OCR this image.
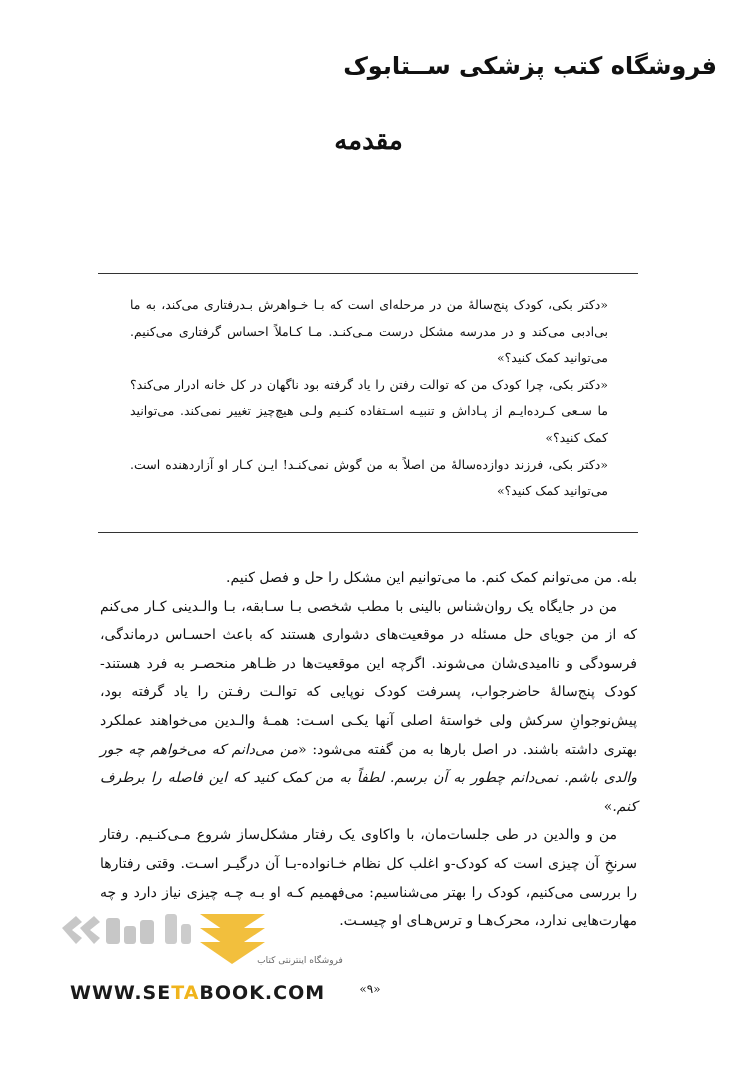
فروشگاه کتب پزشکی ســتابوک
مقدمه

«دکتر بکی، کودک پنج‌سالهٔ من در مرحله‌ای است که بـا خـواهرش بـدرفتاری می‌کند، به ما بی‌ادبی می‌کند و در مدرسه مشکل درست مـی‌کنـد. مـا کـاملاً احساس گرفتاری می‌کنیم. می‌توانید کمک کنید؟»

«دکتر بکی، چرا کودک من که توالت رفتن را یاد گرفته بود ناگهان در کل خانه ادرار می‌کند؟ ما سـعی کـرده‌ایـم از پـاداش و تنبیـه اسـتفاده کنـیم ولـی هیچ‌چیز تغییر نمی‌کند. می‌توانید کمک کنید؟»

«دکتر بکی، فرزند دوازده‌سالهٔ من اصلاً به من گوش نمی‌کنـد! ایـن کـار او آزاردهنده است. می‌توانید کمک کنید؟»

بله. من می‌توانم کمک کنم. ما می‌توانیم این مشکل را حل و فصل کنیم.

من در جایگاه یک روان‌شناس بالینی با مطب شخصی بـا سـابقه، بـا والـدینی کـار می‌کنم که از من جویای حل مسئله در موقعیت‌های دشواری هستند که باعث احسـاس درماندگی، فرسودگی و ناامیدی‌شان می‌شوند. اگرچه این موقعیت‌ها در ظـاهر منحصـر به فرد هستند-کودک پنج‌سالهٔ حاضرجواب، پسرفت کودک نوپایی که توالـت رفـتن را یاد گرفته بود، پیش‌نوجوانِ سرکش ولی خواستهٔ اصلی آنها یکـی اسـت: همـهٔ والـدین می‌خواهند عملکرد بهتری داشته باشند. در اصل بارها به من گفته می‌شود: «من می‌دانم که می‌خواهم چه جور والدی باشم. نمی‌دانم چطور به آن برسم. لطفاً به من کمک کنید که این فاصله را برطرف کنم.»

من و والدین در طی جلسات‌مان، با واکاوی یک رفتار مشکل‌ساز شروع مـی‌کنـیم. رفتار سرنخِ آن چیزی است که کودک-و اغلب کل نظام خـانواده-بـا آن درگیـر اسـت. وقتی رفتارها را بررسی می‌کنیم، کودک را بهتر می‌شناسیم: می‌فهمیم کـه او بـه چـه چیزی نیاز دارد و چه مهارت‌هایی ندارد، محرک‌هـا و ترس‌هـای او چیسـت.

«۹»
فروشگاه اینترنتی کتاب
WWW.SETABOOK.COM
